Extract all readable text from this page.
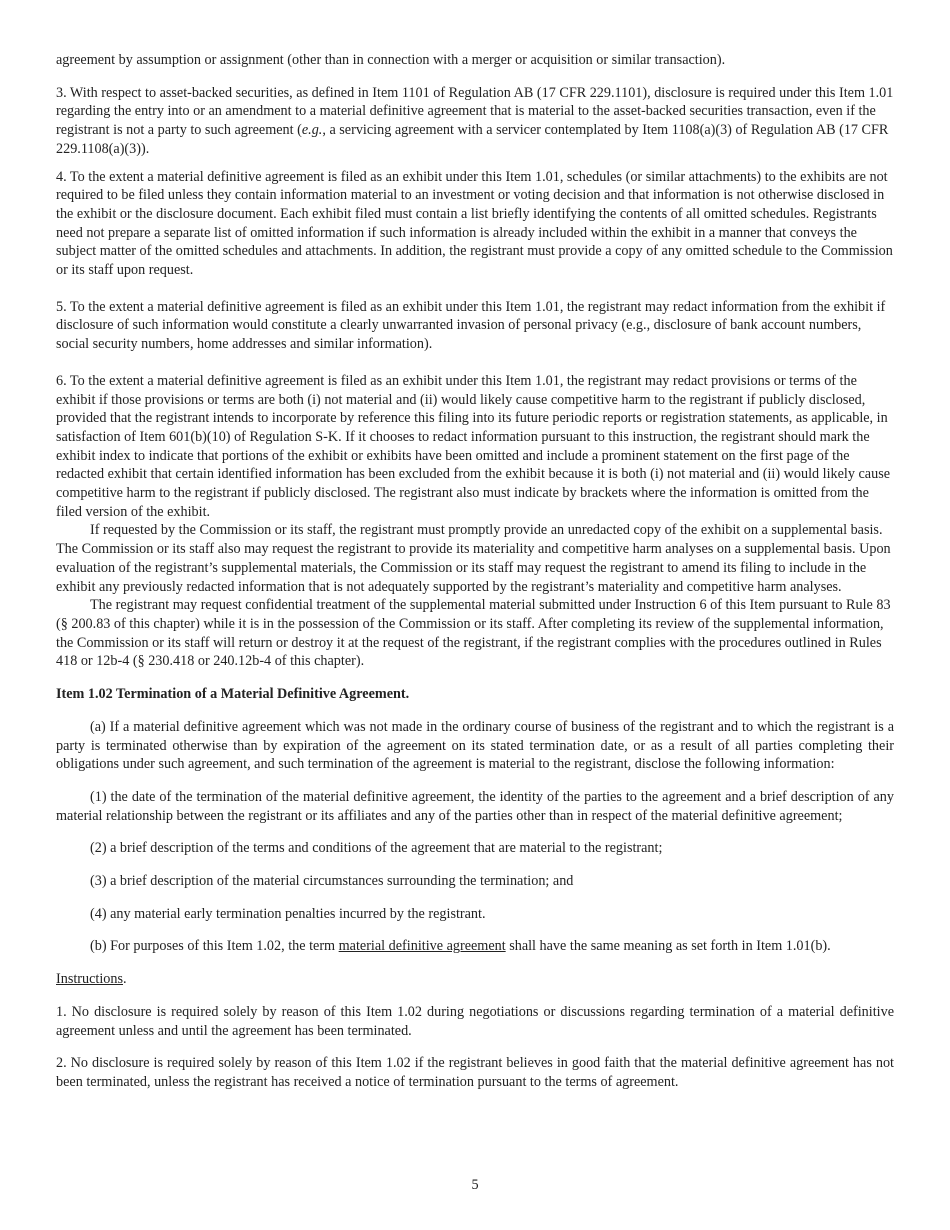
agreement by assumption or assignment (other than in connection with a merger or acquisition or similar transaction).

3. With respect to asset-backed securities, as defined in Item 1101 of Regulation AB (17 CFR 229.1101), disclosure is required under this Item 1.01 regarding the entry into or an amendment to a material definitive agreement that is material to the asset-backed securities transaction, even if the registrant is not a party to such agreement (e.g., a servicing agreement with a servicer contemplated by Item 1108(a)(3) of Regulation AB (17 CFR 229.1108(a)(3)).

4. To the extent a material definitive agreement is filed as an exhibit under this Item 1.01, schedules (or similar attachments) to the exhibits are not required to be filed unless they contain information material to an investment or voting decision and that information is not otherwise disclosed in the exhibit or the disclosure document. Each exhibit filed must contain a list briefly identifying the contents of all omitted schedules. Registrants need not prepare a separate list of omitted information if such information is already included within the exhibit in a manner that conveys the subject matter of the omitted schedules and attachments. In addition, the registrant must provide a copy of any omitted schedule to the Commission or its staff upon request.

5. To the extent a material definitive agreement is filed as an exhibit under this Item 1.01, the registrant may redact information from the exhibit if disclosure of such information would constitute a clearly unwarranted invasion of personal privacy (e.g., disclosure of bank account numbers, social security numbers, home addresses and similar information).

6. To the extent a material definitive agreement is filed as an exhibit under this Item 1.01, the registrant may redact provisions or terms of the exhibit if those provisions or terms are both (i) not material and (ii) would likely cause competitive harm to the registrant if publicly disclosed, provided that the registrant intends to incorporate by reference this filing into its future periodic reports or registration statements, as applicable, in satisfaction of Item 601(b)(10) of Regulation S-K. If it chooses to redact information pursuant to this instruction, the registrant should mark the exhibit index to indicate that portions of the exhibit or exhibits have been omitted and include a prominent statement on the first page of the redacted exhibit that certain identified information has been excluded from the exhibit because it is both (i) not material and (ii) would likely cause competitive harm to the registrant if publicly disclosed. The registrant also must indicate by brackets where the information is omitted from the filed version of the exhibit.

If requested by the Commission or its staff, the registrant must promptly provide an unredacted copy of the exhibit on a supplemental basis. The Commission or its staff also may request the registrant to provide its materiality and competitive harm analyses on a supplemental basis. Upon evaluation of the registrant’s supplemental materials, the Commission or its staff may request the registrant to amend its filing to include in the exhibit any previously redacted information that is not adequately supported by the registrant’s materiality and competitive harm analyses.

The registrant may request confidential treatment of the supplemental material submitted under Instruction 6 of this Item pursuant to Rule 83 (§ 200.83 of this chapter) while it is in the possession of the Commission or its staff. After completing its review of the supplemental information, the Commission or its staff will return or destroy it at the request of the registrant, if the registrant complies with the procedures outlined in Rules 418 or 12b-4 (§ 230.418 or 240.12b-4 of this chapter).

Item 1.02 Termination of a Material Definitive Agreement.

(a) If a material definitive agreement which was not made in the ordinary course of business of the registrant and to which the registrant is a party is terminated otherwise than by expiration of the agreement on its stated termination date, or as a result of all parties completing their obligations under such agreement, and such termination of the agreement is material to the registrant, disclose the following information:

(1) the date of the termination of the material definitive agreement, the identity of the parties to the agreement and a brief description of any material relationship between the registrant or its affiliates and any of the parties other than in respect of the material definitive agreement;

(2) a brief description of the terms and conditions of the agreement that are material to the registrant;

(3) a brief description of the material circumstances surrounding the termination; and

(4) any material early termination penalties incurred by the registrant.

(b) For purposes of this Item 1.02, the term material definitive agreement shall have the same meaning as set forth in Item 1.01(b).

Instructions.

1. No disclosure is required solely by reason of this Item 1.02 during negotiations or discussions regarding termination of a material definitive agreement unless and until the agreement has been terminated.

2. No disclosure is required solely by reason of this Item 1.02 if the registrant believes in good faith that the material definitive agreement has not been terminated, unless the registrant has received a notice of termination pursuant to the terms of agreement.

5
